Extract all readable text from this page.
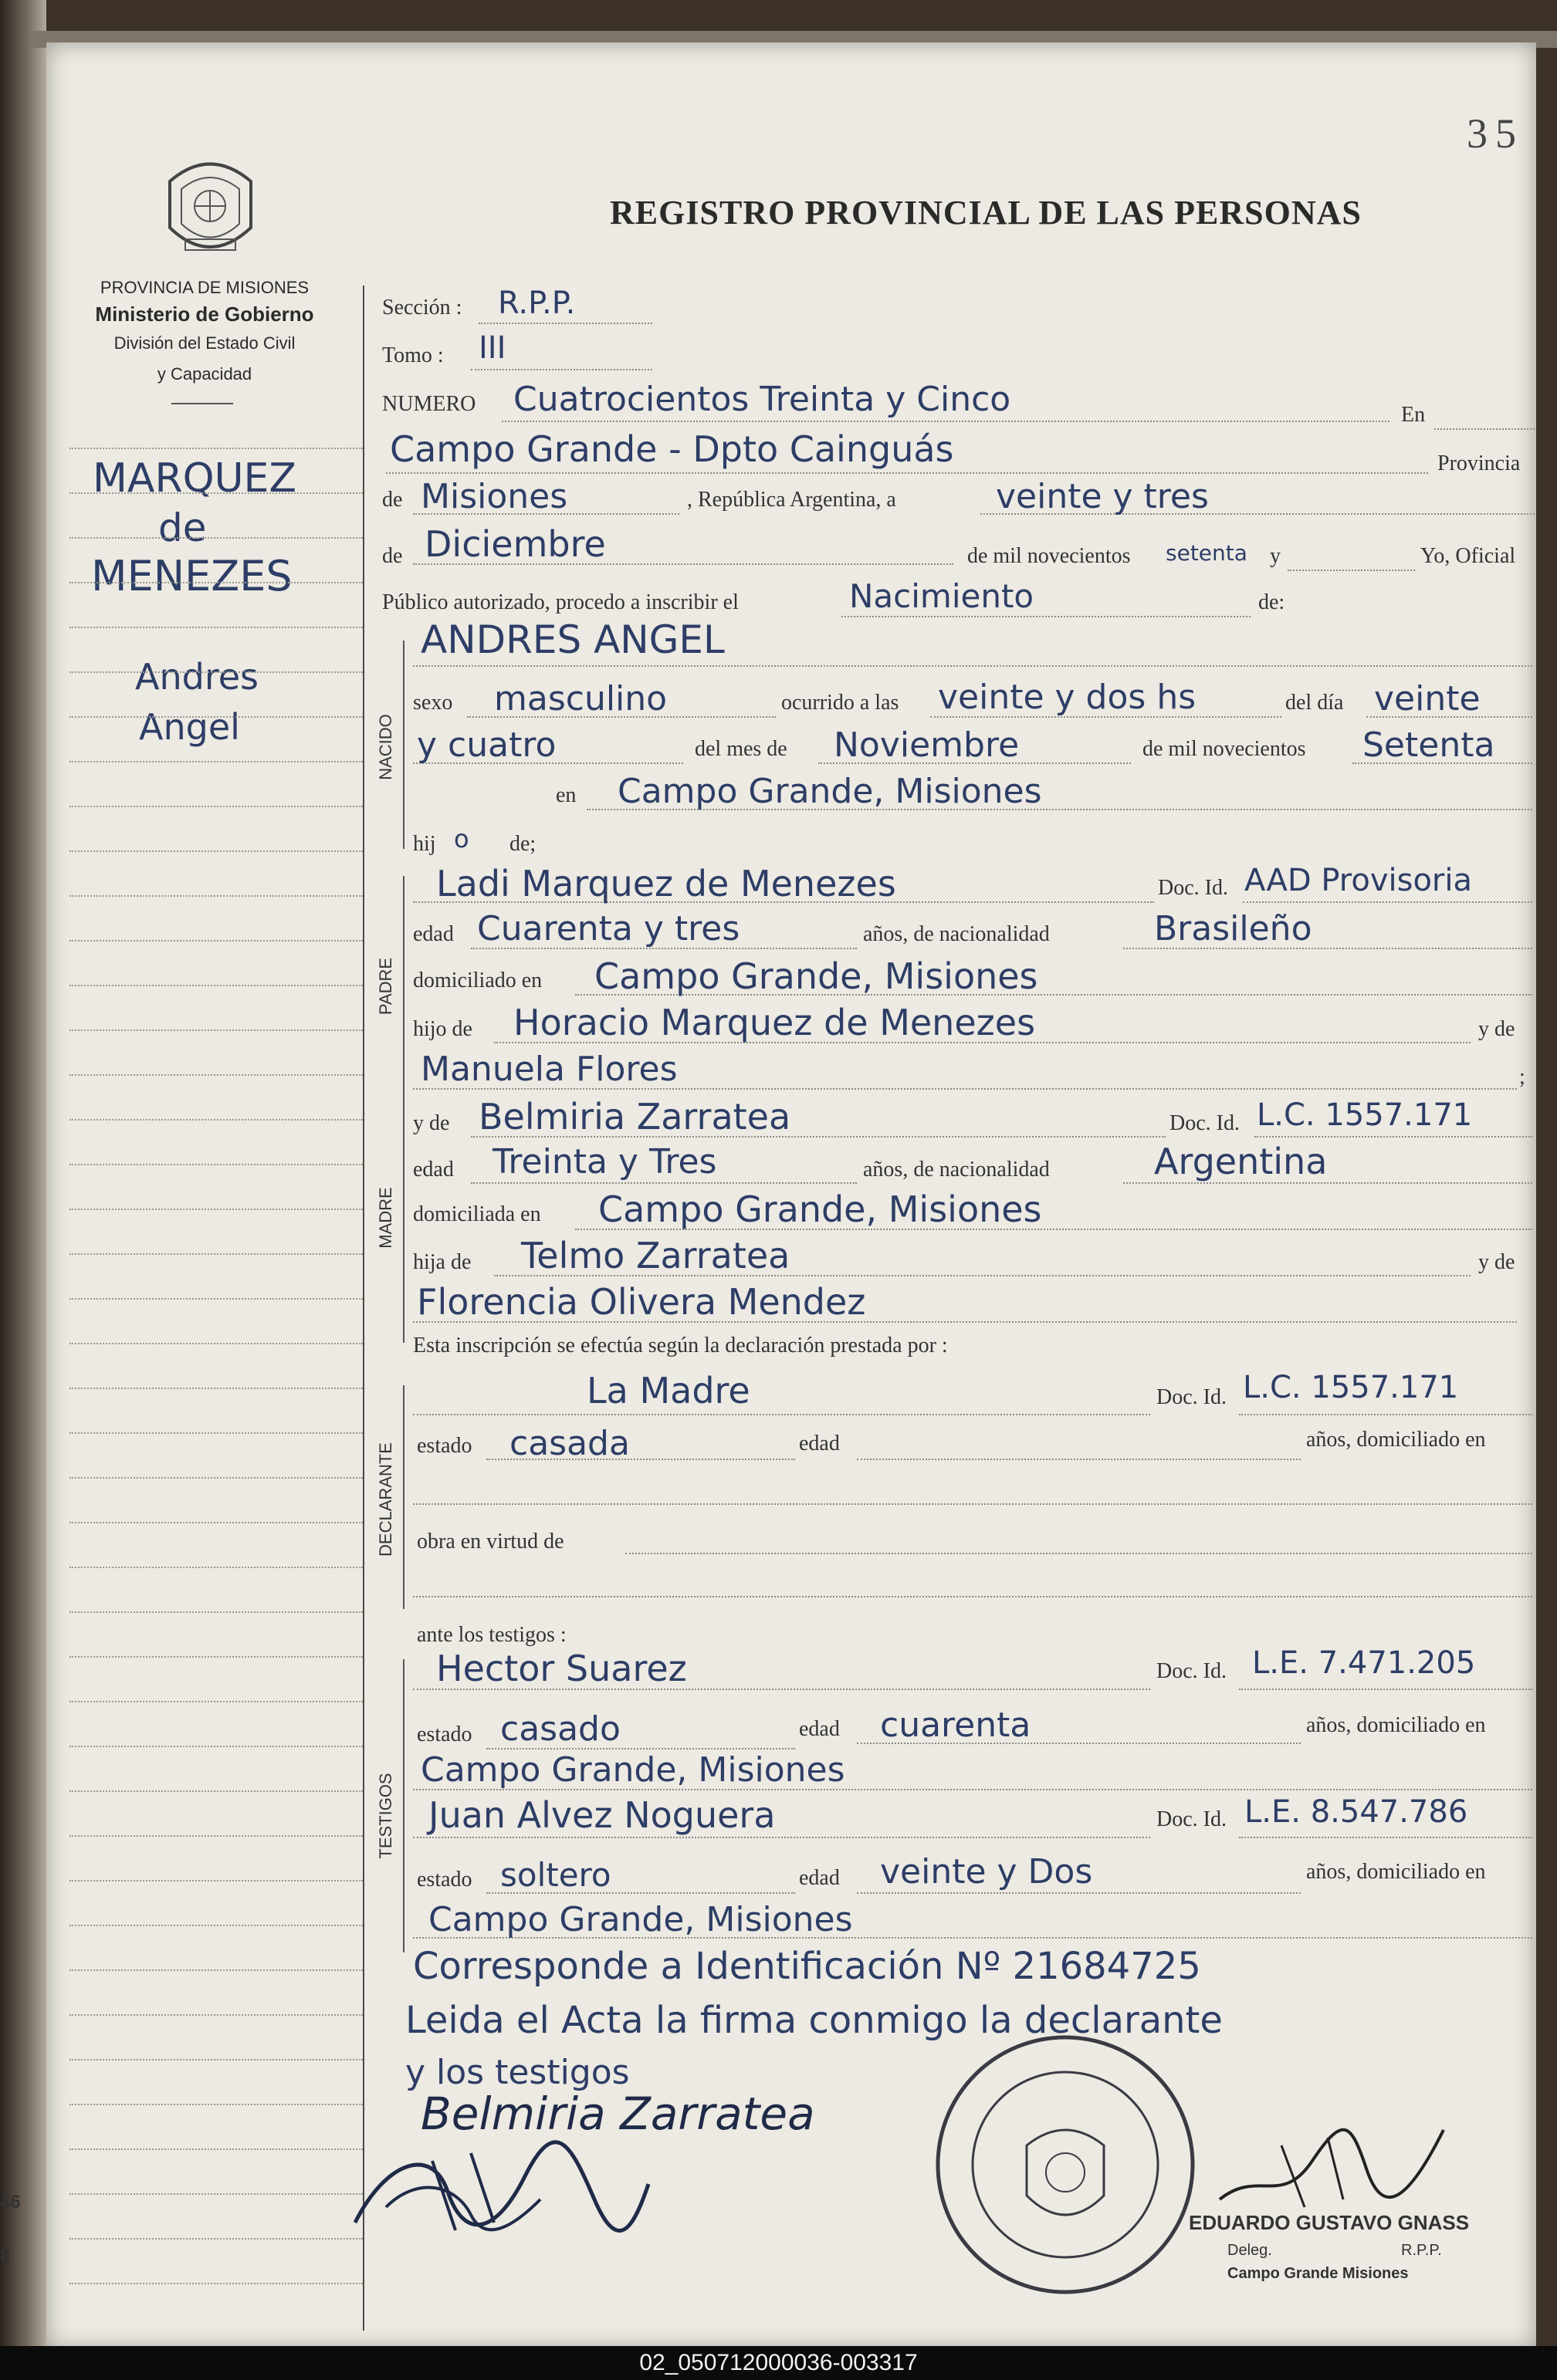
35
PROVINCIA DE MISIONES
Ministerio de Gobierno
División del Estado Civil
y Capacidad
MARQUEZ
de
MENEZES
Andres
Angel
46
8
REGISTRO PROVINCIAL DE LAS PERSONAS
Sección : R.P.P.
Tomo : III
NUMERO Cuatrocientos Treinta y Cinco	En
Campo Grande - Dpto Cainguás	Provincia
de Misiones	, República Argentina, a	veinte y tres
de Diciembre	de mil novecientos setenta y	Yo, Oficial
Público autorizado, procedo a inscribir el	Nacimiento	de:
NACIDO
ANDRES ANGEL
sexo masculino	ocurrido a las veinte y dos hs	del día veinte
y cuatro	del mes de Noviembre	de mil novecientos Setenta
en Campo Grande, Misiones
hij o de;
PADRE
Ladi Marquez de Menezes	Doc. Id. AAD Provisoria
edad Cuarenta y tres	años, de nacionalidad	Brasileño
domiciliado en Campo Grande, Misiones
hijo de Horacio Marquez de Menezes	y de
Manuela Flores	;
MADRE
y de Belmiria Zarratea	Doc. Id. L.C. 1557.171
edad Treinta y Tres	años, de nacionalidad	Argentina
domiciliada en Campo Grande, Misiones
hija de Telmo Zarratea	y de
Florencia Olivera Mendez
Esta inscripción se efectúa según la declaración prestada por :
DECLARANTE
La Madre	Doc. Id. L.C. 1557.171
estado casada	edad	años, domiciliado en
obra en virtud de
ante los testigos :
TESTIGOS
Hector Suarez	Doc. Id. L.E. 7.471.205
estado casado	edad cuarenta	años, domiciliado en
Campo Grande, Misiones
Juan Alvez Noguera	Doc. Id. L.E. 8.547.786
estado soltero	edad veinte y Dos	años, domiciliado en
Campo Grande, Misiones
Corresponde a Identificación Nº 21684725
Leida el Acta la firma conmigo la declarante
y los testigos
Belmiria Zarratea
EDUARDO GUSTAVO GNASS
Deleg.	R.P.P.
Campo Grande Misiones
02_050712000036-003317
